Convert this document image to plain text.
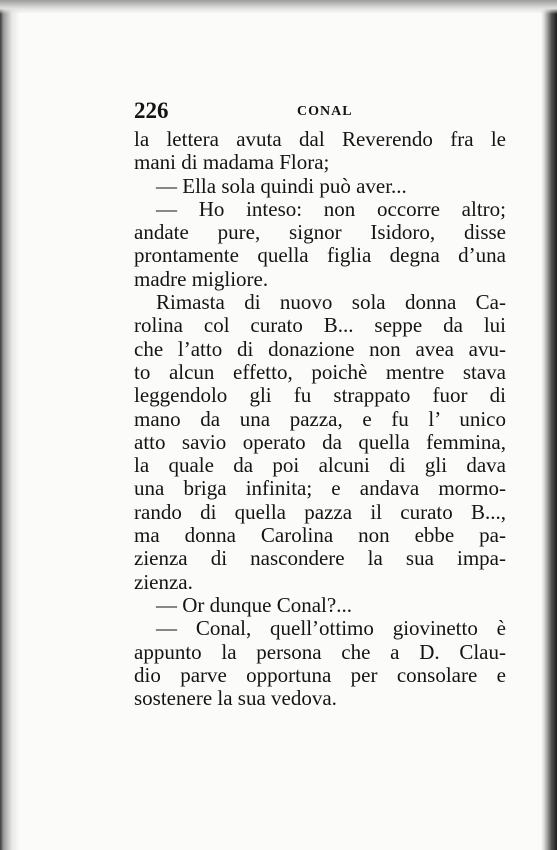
226	CONAL
la lettera avuta dal Reverendo fra le
mani di madama Flora;
— Ella sola quindi può aver...
— Ho inteso: non occorre altro;
andate pure, signor Isidoro, disse
prontamente quella figlia degna d’una
madre migliore.
Rimasta di nuovo sola donna Ca-
rolina col curato B... seppe da lui
che l’atto di donazione non avea avu-
to alcun effetto, poichè mentre stava
leggendolo gli fu strappato fuor di
mano da una pazza, e fu l’ unico
atto savio operato da quella femmina,
la quale da poi alcuni di gli dava
una briga infinita; e andava mormo-
rando di quella pazza il curato B...,
ma donna Carolina non ebbe pa-
zienza di nascondere la sua impa-
zienza.
— Or dunque Conal?...
— Conal, quell’ottimo giovinetto è
appunto la persona che a D. Clau-
dio parve opportuna per consolare e
sostenere la sua vedova.
